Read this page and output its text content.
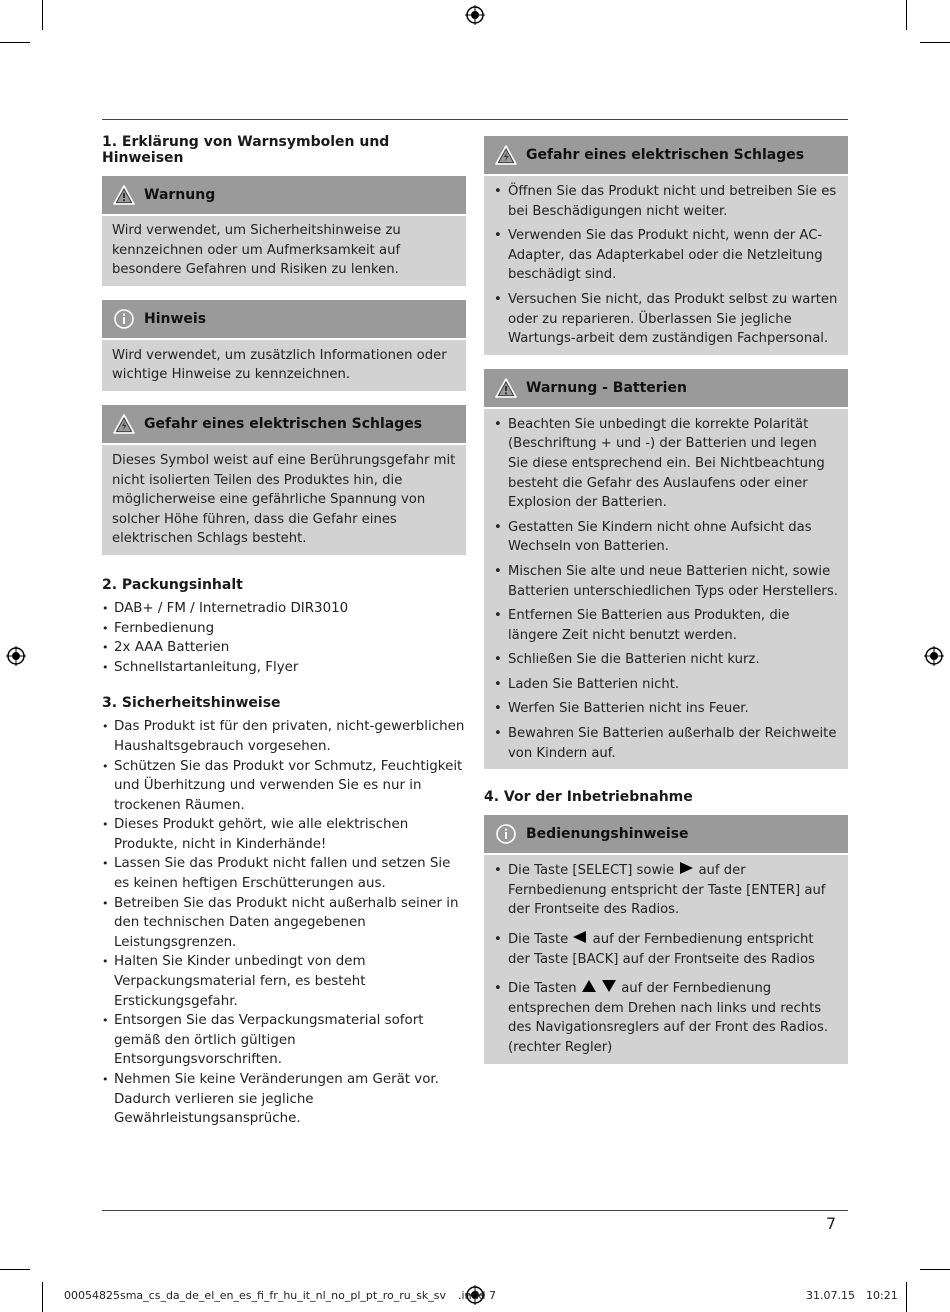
1. Erklärung von Warnsymbolen und Hinweisen
Warnung
Wird verwendet, um Sicherheitshinweise zu kennzeichnen oder um Aufmerksamkeit auf besondere Gefahren und Risiken zu lenken.
Hinweis
Wird verwendet, um zusätzlich Informationen oder wichtige Hinweise zu kennzeichnen.
Gefahr eines elektrischen Schlages
Dieses Symbol weist auf eine Berührungsgefahr mit nicht isolierten Teilen des Produktes hin, die möglicherweise eine gefährliche Spannung von solcher Höhe führen, dass die Gefahr eines elektrischen Schlags besteht.
2. Packungsinhalt
• DAB+ / FM / Internetradio DIR3010
• Fernbedienung
• 2x AAA Batterien
• Schnellstartanleitung, Flyer
3. Sicherheitshinweise
• Das Produkt ist für den privaten, nicht-gewerblichen Haushaltsgebrauch vorgesehen.
• Schützen Sie das Produkt vor Schmutz, Feuchtigkeit und Überhitzung und verwenden Sie es nur in trockenen Räumen.
• Dieses Produkt gehört, wie alle elektrischen Produkte, nicht in Kinderhände!
• Lassen Sie das Produkt nicht fallen und setzen Sie es keinen heftigen Erschütterungen aus.
• Betreiben Sie das Produkt nicht außerhalb seiner in den technischen Daten angegebenen Leistungsgrenzen.
• Halten Sie Kinder unbedingt von dem Verpackungsmaterial fern, es besteht Erstickungsgefahr.
• Entsorgen Sie das Verpackungsmaterial sofort gemäß den örtlich gültigen Entsorgungsvorschriften.
• Nehmen Sie keine Veränderungen am Gerät vor. Dadurch verlieren sie jegliche Gewährleistungsansprüche.
Gefahr eines elektrischen Schlages
• Öffnen Sie das Produkt nicht und betreiben Sie es bei Beschädigungen nicht weiter.
• Verwenden Sie das Produkt nicht, wenn der AC-Adapter, das Adapterkabel oder die Netzleitung beschädigt sind.
• Versuchen Sie nicht, das Produkt selbst zu warten oder zu reparieren. Überlassen Sie jegliche Wartungs-arbeit dem zuständigen Fachpersonal.
Warnung - Batterien
• Beachten Sie unbedingt die korrekte Polarität (Beschriftung + und -) der Batterien und legen Sie diese entsprechend ein. Bei Nichtbeachtung besteht die Gefahr des Auslaufens oder einer Explosion der Batterien.
• Gestatten Sie Kindern nicht ohne Aufsicht das Wechseln von Batterien.
• Mischen Sie alte und neue Batterien nicht, sowie Batterien unterschiedlichen Typs oder Herstellers.
• Entfernen Sie Batterien aus Produkten, die längere Zeit nicht benutzt werden.
• Schließen Sie die Batterien nicht kurz.
• Laden Sie Batterien nicht.
• Werfen Sie Batterien nicht ins Feuer.
• Bewahren Sie Batterien außerhalb der Reichweite von Kindern auf.
4. Vor der Inbetriebnahme
Bedienungshinweise
• Die Taste [SELECT] sowie auf der Fernbedienung entspricht der Taste [ENTER] auf der Frontseite des Radios.
• Die Taste auf der Fernbedienung entspricht der Taste [BACK] auf der Frontseite des Radios
• Die Tasten	auf der Fernbedienung entsprechen dem Drehen nach links und rechts des Navigationsreglers auf der Front des Radios. (rechter Regler)
7
00054825sma_cs_da_de_el_en_es_fi_fr_hu_it_nl_no_pl_pt_ro_ru_sk_sv .indd 7	31.07.15 10:21
